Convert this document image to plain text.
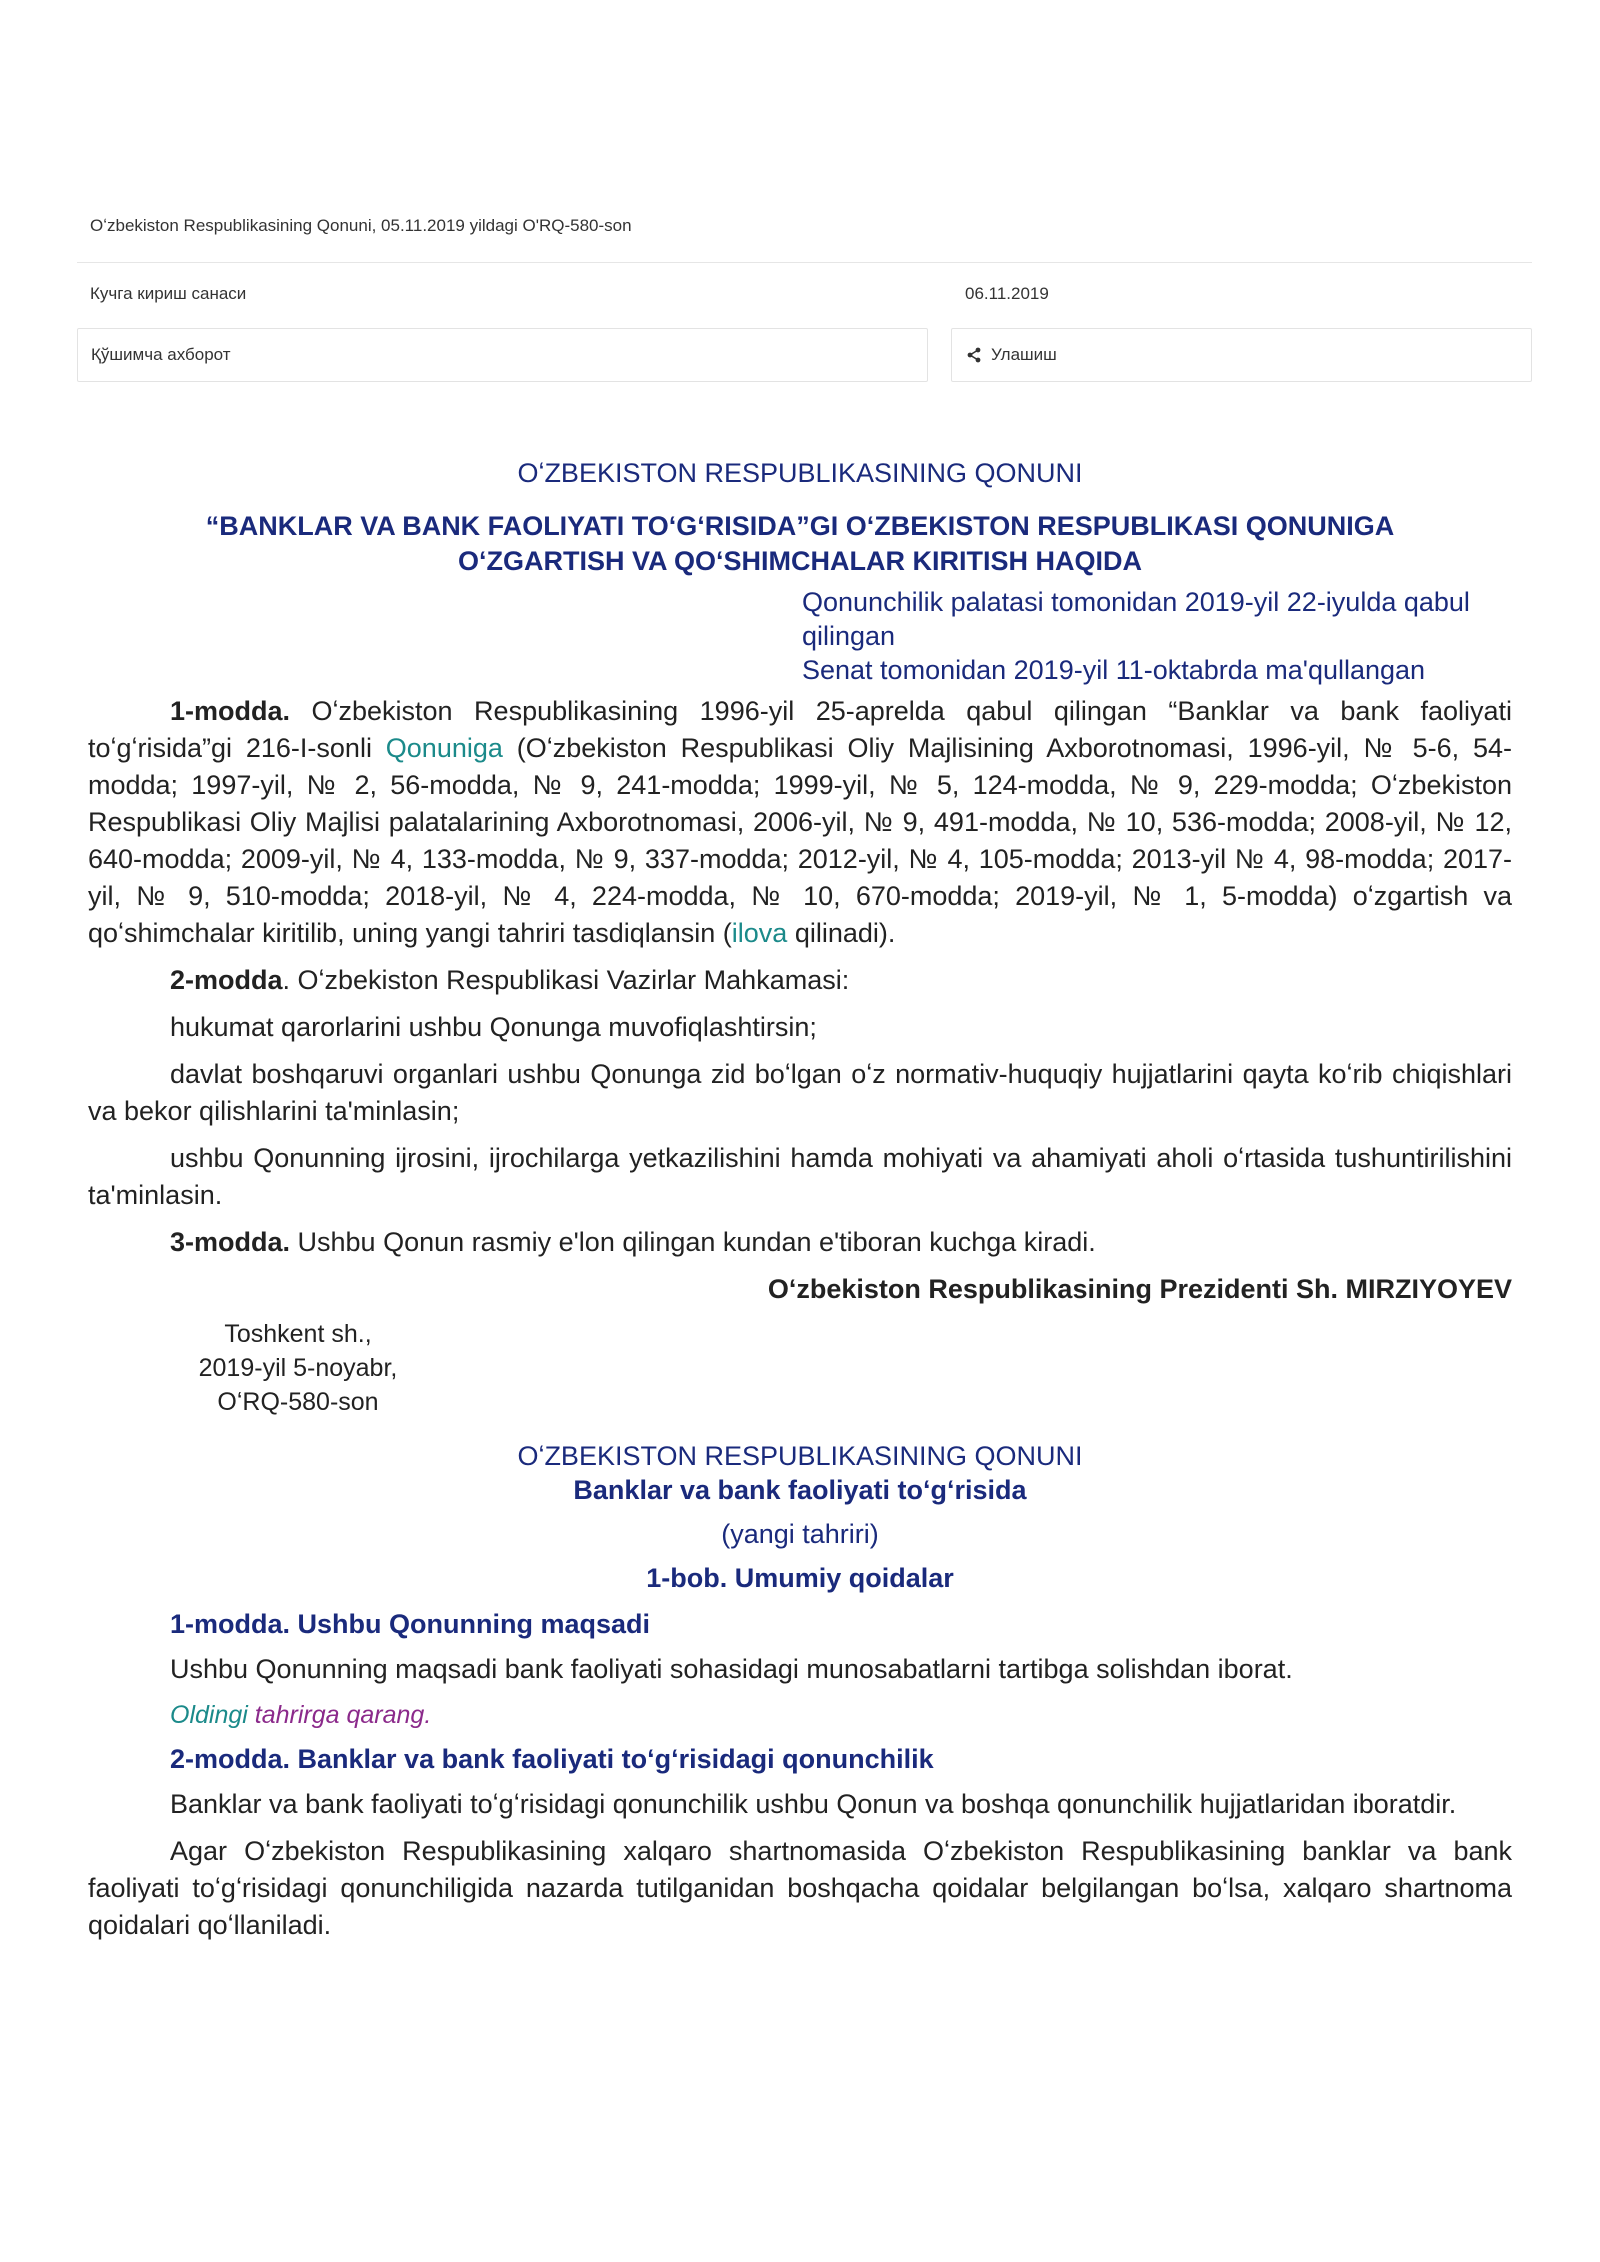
Oʻzbekiston Respublikasining Qonuni, 05.11.2019 yildagi O'RQ-580-son
Кучга кириш санаси	06.11.2019
Қўшимча ахборот	Улашиш
OʻZBEKISTON RESPUBLIKASINING QONUNI
“BANKLAR VA BANK FAOLIYATI TOʻGʻRISIDA”GI OʻZBEKISTON RESPUBLIKASI QONUNIGA
OʻZGARTISH VA QOʻSHIMCHALAR KIRITISH HAQIDA
Qonunchilik palatasi tomonidan 2019-yil 22-iyulda qabul qilingan
Senat tomonidan 2019-yil 11-oktabrda ma'qullangan

1-modda. Oʻzbekiston Respublikasining 1996-yil 25-aprelda qabul qilingan “Banklar va bank faoliyati toʻgʻrisida”gi 216-I-sonli Qonuniga (Oʻzbekiston Respublikasi Oliy Majlisining Axborotnomasi, 1996-yil, № 5-6, 54-modda; 1997-yil, № 2, 56-modda, № 9, 241-modda; 1999-yil, № 5, 124-modda, № 9, 229-modda; Oʻzbekiston Respublikasi Oliy Majlisi palatalarining Axborotnomasi, 2006-yil, № 9, 491-modda, № 10, 536-modda; 2008-yil, № 12, 640-modda; 2009-yil, № 4, 133-modda, № 9, 337-modda; 2012-yil, № 4, 105-modda; 2013-yil № 4, 98-modda; 2017-yil, № 9, 510-modda; 2018-yil, № 4, 224-modda, № 10, 670-modda; 2019-yil, № 1, 5-modda) oʻzgartish va qoʻshimchalar kiritilib, uning yangi tahriri tasdiqlansin (ilova qilinadi).

2-modda. Oʻzbekiston Respublikasi Vazirlar Mahkamasi:

hukumat qarorlarini ushbu Qonunga muvofiqlashtirsin;

davlat boshqaruvi organlari ushbu Qonunga zid boʻlgan oʻz normativ-huquqiy hujjatlarini qayta koʻrib chiqishlari va bekor qilishlarini ta'minlasin;

ushbu Qonunning ijrosini, ijrochilarga yetkazilishini hamda mohiyati va ahamiyati aholi oʻrtasida tushuntirilishini ta'minlasin.

3-modda. Ushbu Qonun rasmiy e'lon qilingan kundan e'tiboran kuchga kiradi.

Oʻzbekiston Respublikasining Prezidenti Sh. MIRZIYOYEV
Toshkent sh.,
2019-yil 5-noyabr,
OʻRQ-580-son
OʻZBEKISTON RESPUBLIKASINING QONUNI
Banklar va bank faoliyati toʻgʻrisida
(yangi tahriri)
1-bob. Umumiy qoidalar
1-modda. Ushbu Qonunning maqsadi

Ushbu Qonunning maqsadi bank faoliyati sohasidagi munosabatlarni tartibga solishdan iborat.

Oldingi tahrirga qarang.
2-modda. Banklar va bank faoliyati toʻgʻrisidagi qonunchilik

Banklar va bank faoliyati toʻgʻrisidagi qonunchilik ushbu Qonun va boshqa qonunchilik hujjatlaridan iboratdir.

Agar Oʻzbekiston Respublikasining xalqaro shartnomasida Oʻzbekiston Respublikasining banklar va bank faoliyati toʻgʻrisidagi qonunchiligida nazarda tutilganidan boshqacha qoidalar belgilangan boʻlsa, xalqaro shartnoma qoidalari qoʻllaniladi.
